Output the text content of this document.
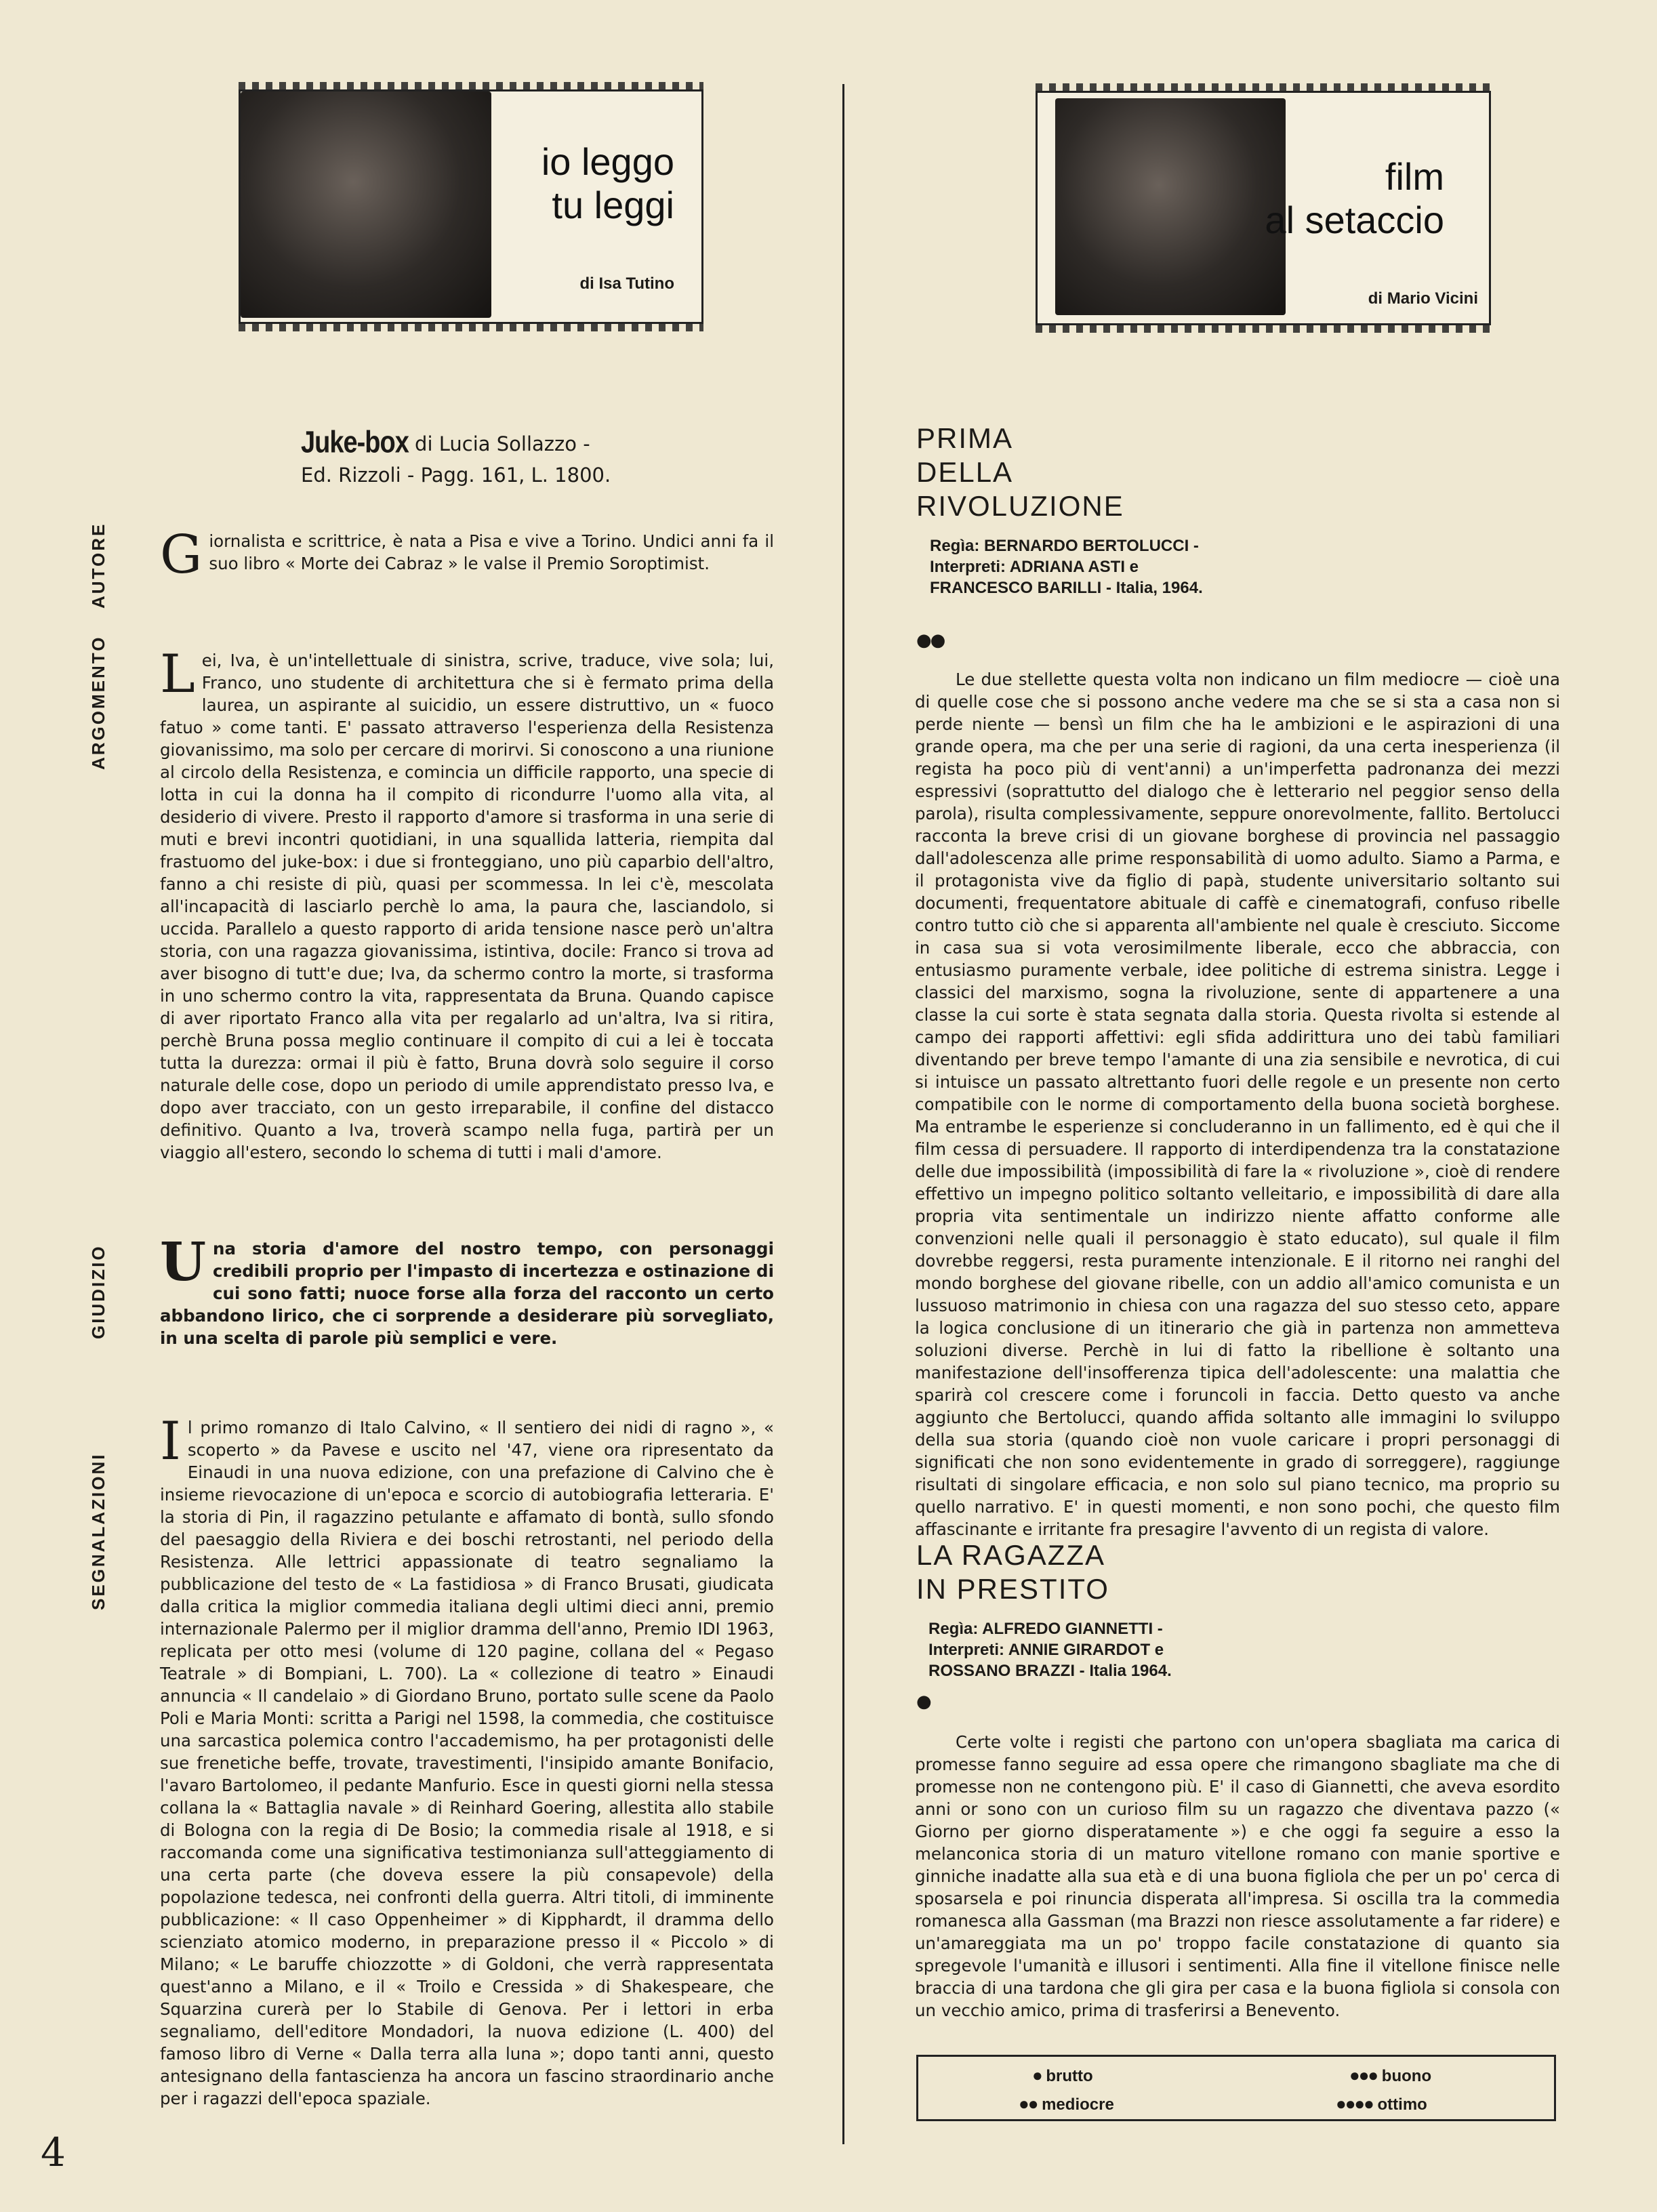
io leggo
tu leggi
di Isa Tutino
film
al setaccio
di Mario Vicini
Juke-box di Lucia Sollazzo -
Ed. Rizzoli - Pagg. 161, L. 1800.
AUTORE
ARGOMENTO
GIUDIZIO
SEGNALAZIONI
G iornalista e scrittrice, è nata a Pisa e vive a Torino. Undici anni fa il suo libro « Morte dei Cabraz » le valse il Premio Soroptimist.
L ei, Iva, è un'intellettuale di sinistra, scrive, traduce, vive sola; lui, Franco, uno studente di architettura che si è fermato prima della laurea, un aspirante al suicidio, un essere distruttivo, un « fuoco fatuo » come tanti. E' passato attraverso l'esperienza della Resistenza giovanissimo, ma solo per cercare di morirvi. Si conoscono a una riunione al circolo della Resistenza, e comincia un difficile rapporto, una specie di lotta in cui la donna ha il compito di ricondurre l'uomo alla vita, al desiderio di vivere. Presto il rapporto d'amore si trasforma in una serie di muti e brevi incontri quotidiani, in una squallida latteria, riempita dal frastuomo del juke-box: i due si fronteggiano, uno più caparbio dell'altro, fanno a chi resiste di più, quasi per scommessa. In lei c'è, mescolata all'incapacità di lasciarlo perchè lo ama, la paura che, lasciandolo, si uccida. Parallelo a questo rapporto di arida tensione nasce però un'altra storia, con una ragazza giovanissima, istintiva, docile: Franco si trova ad aver bisogno di tutt'e due; Iva, da schermo contro la morte, si trasforma in uno schermo contro la vita, rappresentata da Bruna. Quando capisce di aver riportato Franco alla vita per regalarlo ad un'altra, Iva si ritira, perchè Bruna possa meglio continuare il compito di cui a lei è toccata tutta la durezza: ormai il più è fatto, Bruna dovrà solo seguire il corso naturale delle cose, dopo un periodo di umile apprendistato presso Iva, e dopo aver tracciato, con un gesto irreparabile, il confine del distacco definitivo. Quanto a Iva, troverà scampo nella fuga, partirà per un viaggio all'estero, secondo lo schema di tutti i mali d'amore.
U na storia d'amore del nostro tempo, con personaggi credibili proprio per l'impasto di incertezza e ostinazione di cui sono fatti; nuoce forse alla forza del racconto un certo abbandono lirico, che ci sorprende a desiderare più sorvegliato, in una scelta di parole più semplici e vere.
I l primo romanzo di Italo Calvino, « Il sentiero dei nidi di ragno », « scoperto » da Pavese e uscito nel '47, viene ora ripresentato da Einaudi in una nuova edizione, con una prefazione di Calvino che è insieme rievocazione di un'epoca e scorcio di autobiografia letteraria. E' la storia di Pin, il ragazzino petulante e affamato di bontà, sullo sfondo del paesaggio della Riviera e dei boschi retrostanti, nel periodo della Resistenza. Alle lettrici appassionate di teatro segnaliamo la pubblicazione del testo de « La fastidiosa » di Franco Brusati, giudicata dalla critica la miglior commedia italiana degli ultimi dieci anni, premio internazionale Palermo per il miglior dramma dell'anno, Premio IDI 1963, replicata per otto mesi (volume di 120 pagine, collana del « Pegaso Teatrale » di Bompiani, L. 700). La « collezione di teatro » Einaudi annuncia « Il candelaio » di Giordano Bruno, portato sulle scene da Paolo Poli e Maria Monti: scritta a Parigi nel 1598, la commedia, che costituisce una sarcastica polemica contro l'accademismo, ha per protagonisti delle sue frenetiche beffe, trovate, travestimenti, l'insipido amante Bonifacio, l'avaro Bartolomeo, il pedante Manfurio. Esce in questi giorni nella stessa collana la « Battaglia navale » di Reinhard Goering, allestita allo stabile di Bologna con la regia di De Bosio; la commedia risale al 1918, e si raccomanda come una significativa testimonianza sull'atteggiamento di una certa parte (che doveva essere la più consapevole) della popolazione tedesca, nei confronti della guerra. Altri titoli, di imminente pubblicazione: « Il caso Oppenheimer » di Kipphardt, il dramma dello scienziato atomico moderno, in preparazione presso il « Piccolo » di Milano; « Le baruffe chiozzotte » di Goldoni, che verrà rappresentata quest'anno a Milano, e il « Troilo e Cressida » di Shakespeare, che Squarzina curerà per lo Stabile di Genova. Per i lettori in erba segnaliamo, dell'editore Mondadori, la nuova edizione (L. 400) del famoso libro di Verne « Dalla terra alla luna »; dopo tanti anni, questo antesignano della fantascienza ha ancora un fascino straordinario anche per i ragazzi dell'epoca spaziale.
4
PRIMA
DELLA
RIVOLUZIONE
Regìa: BERNARDO BERTOLUCCI - Interpreti: ADRIANA ASTI e FRANCESCO BARILLI - Italia, 1964.
●●

Le due stellette questa volta non indicano un film mediocre — cioè una di quelle cose che si possono anche vedere ma che se si sta a casa non si perde niente — bensì un film che ha le ambizioni e le aspirazioni di una grande opera, ma che per una serie di ragioni, da una certa inesperienza (il regista ha poco più di vent'anni) a un'imperfetta padronanza dei mezzi espressivi (soprattutto del dialogo che è letterario nel peggior senso della parola), risulta complessivamente, seppure onorevolmente, fallito. Bertolucci racconta la breve crisi di un giovane borghese di provincia nel passaggio dall'adolescenza alle prime responsabilità di uomo adulto. Siamo a Parma, e il protagonista vive da figlio di papà, studente universitario soltanto sui documenti, frequentatore abituale di caffè e cinematografi, confuso ribelle contro tutto ciò che si apparenta all'ambiente nel quale è cresciuto. Siccome in casa sua si vota verosimilmente liberale, ecco che abbraccia, con entusiasmo puramente verbale, idee politiche di estrema sinistra. Legge i classici del marxismo, sogna la rivoluzione, sente di appartenere a una classe la cui sorte è stata segnata dalla storia. Questa rivolta si estende al campo dei rapporti affettivi: egli sfida addirittura uno dei tabù familiari diventando per breve tempo l'amante di una zia sensibile e nevrotica, di cui si intuisce un passato altrettanto fuori delle regole e un presente non certo compatibile con le norme di comportamento della buona società borghese. Ma entrambe le esperienze si concluderanno in un fallimento, ed è qui che il film cessa di persuadere. Il rapporto di interdipendenza tra la constatazione delle due impossibilità (impossibilità di fare la « rivoluzione », cioè di rendere effettivo un impegno politico soltanto velleitario, e impossibilità di dare alla propria vita sentimentale un indirizzo niente affatto conforme alle convenzioni nelle quali il personaggio è stato educato), sul quale il film dovrebbe reggersi, resta puramente intenzionale. E il ritorno nei ranghi del mondo borghese del giovane ribelle, con un addio all'amico comunista e un lussuoso matrimonio in chiesa con una ragazza del suo stesso ceto, appare la logica conclusione di un itinerario che già in partenza non ammetteva soluzioni diverse. Perchè in lui di fatto la ribellione è soltanto una manifestazione dell'insofferenza tipica dell'adolescente: una malattia che sparirà col crescere come i foruncoli in faccia. Detto questo va anche aggiunto che Bertolucci, quando affida soltanto alle immagini lo sviluppo della sua storia (quando cioè non vuole caricare i propri personaggi di significati che non sono evidentemente in grado di sorreggere), raggiunge risultati di singolare efficacia, e non solo sul piano tecnico, ma proprio su quello narrativo. E' in questi momenti, e non sono pochi, che questo film affascinante e irritante fra presagire l'avvento di un regista di valore.

LA RAGAZZA
IN PRESTITO
Regìa: ALFREDO GIANNETTI - Interpreti: ANNIE GIRARDOT e ROSSANO BRAZZI - Italia 1964.
●

Certe volte i registi che partono con un'opera sbagliata ma carica di promesse fanno seguire ad essa opere che rimangono sbagliate ma che di promesse non ne contengono più. E' il caso di Giannetti, che aveva esordito anni or sono con un curioso film su un ragazzo che diventava pazzo (« Giorno per giorno disperatamente ») e che oggi fa seguire a esso la melanconica storia di un maturo vitellone romano con manie sportive e ginniche inadatte alla sua età e di una buona figliola che per un po' cerca di sposarsela e poi rinuncia disperata all'impresa. Si oscilla tra la commedia romanesca alla Gassman (ma Brazzi non riesce assolutamente a far ridere) e un'amareggiata ma un po' troppo facile constatazione di quanto sia spregevole l'umanità e illusori i sentimenti. Alla fine il vitellone finisce nelle braccia di una tardona che gli gira per casa e la buona figliola si consola con un vecchio amico, prima di trasferirsi a Benevento.

● brutto
●● mediocre
●●● buono
●●●● ottimo
